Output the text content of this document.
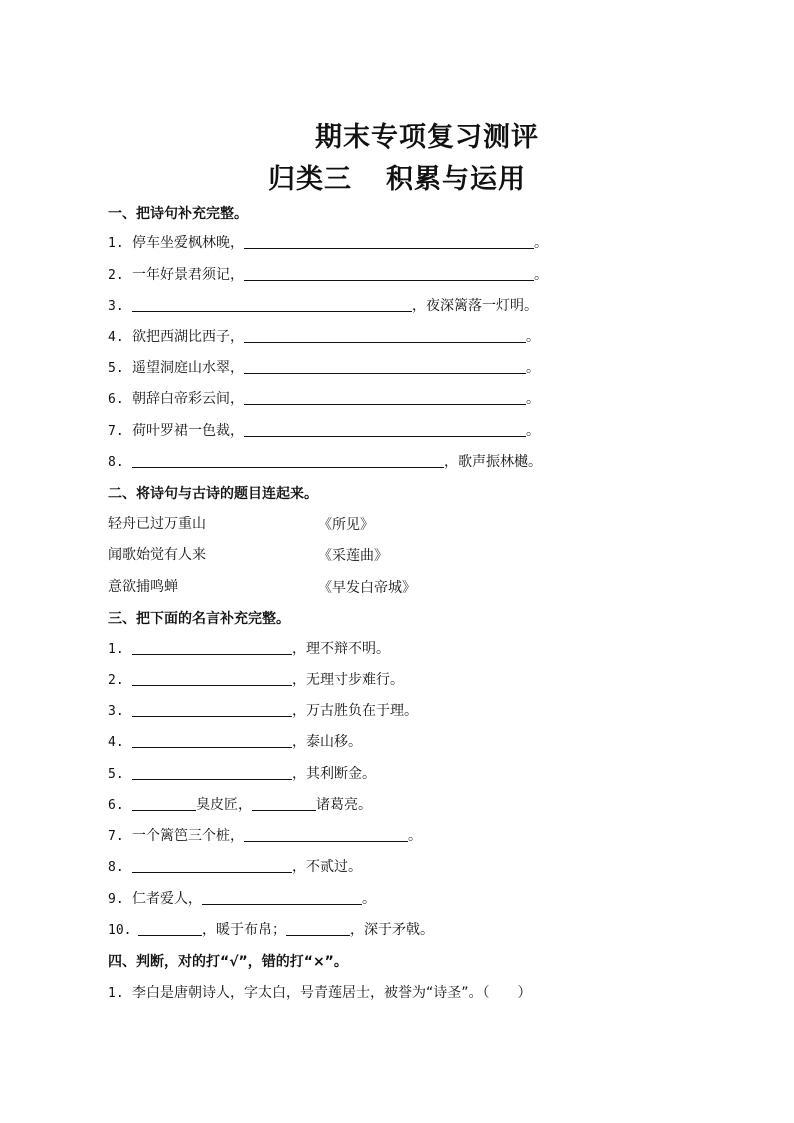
期末专项复习测评
归类三 积累与运用
一、把诗句补充完整。
1. 停车坐爱枫林晚，	。
2. 一年好景君须记，	。
3.	，夜深篱落一灯明。
4. 欲把西湖比西子，	。
5. 遥望洞庭山水翠，	。
6. 朝辞白帝彩云间，	。
7. 荷叶罗裙一色裁，	。
8.	，歌声振林樾。
二、将诗句与古诗的题目连起来。
轻舟已过万重山	《所见》
闻歌始觉有人来	《采莲曲》
意欲捕鸣蝉	《早发白帝城》
三、把下面的名言补充完整。
1.	，理不辩不明。
2.	，无理寸步难行。
3.	，万古胜负在于理。
4.	，泰山移。
5.	，其利断金。
6.	臭皮匠，	诸葛亮。
7. 一个篱笆三个桩，	。
8.	，不贰过。
9. 仁者爱人，	。
10.	，暖于布帛；	，深于矛戟。
四、判断，对的打“√”，错的打“×”。
1. 李白是唐朝诗人，字太白，号青莲居士，被誉为“诗圣”。（　　）
